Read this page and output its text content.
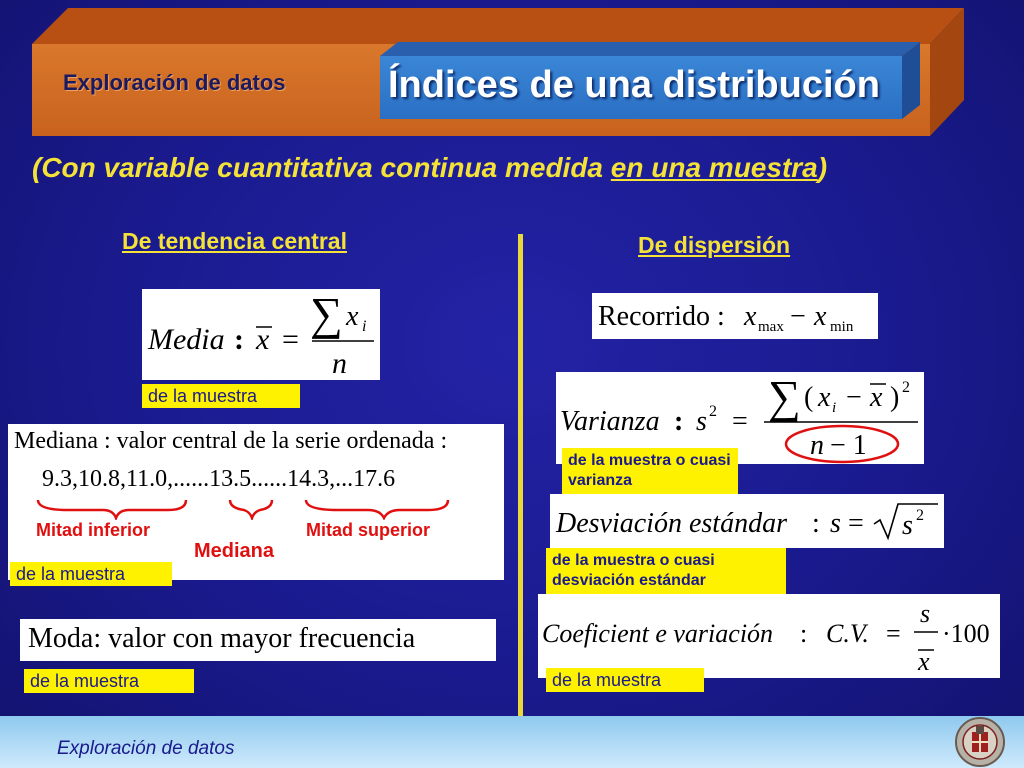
Exploración de datos	Índices de una distribución
(Con variable cuantitativa continua medida en una muestra)
De tendencia central	De dispersión
Media : x =
∑ x i
n
de la muestra
Mediana : valor central de la serie ordenada :
9.3,10.8,11.0,......13.5......14.3,...17.6
Mitad inferior
Mediana
Mitad superior
de la muestra
Moda: valor con mayor frecuencia
de la muestra
Recorrido : x max − x min
Varianza : s 2 = ∑ ( x i − x ) 2
n − 1
de la muestra o cuasi varianza
Desviación estándar : s = s 2
de la muestra o cuasi desviación estándar
Coeficient e variación : C.V. =
s
x
·100
de la muestra
Exploración de datos
